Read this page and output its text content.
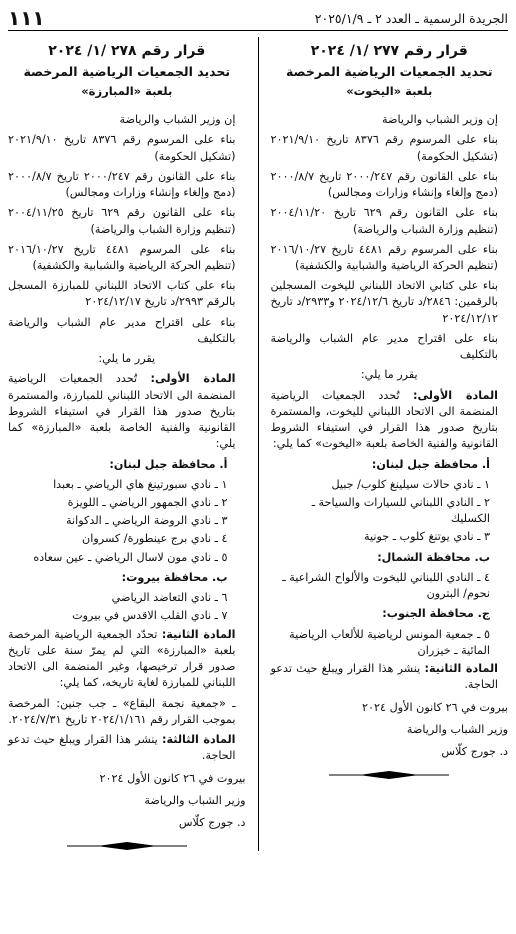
الجريدة الرسمية ـ العدد ٢ ـ ٢٠٢٥/١/٩
١١١
قرار رقم ٢٧٧ /١/ ٢٠٢٤
تحديد الجمعيات الرياضية المرخصة
بلعبة «اليخوت»

إن وزير الشباب والرياضة

بناء على المرسوم رقم ٨٣٧٦ تاريخ ٢٠٢١/٩/١٠ (تشكيل الحكومة)

بناء على القانون رقم ٢٠٠٠/٢٤٧ تاريخ ٢٠٠٠/٨/٧ (دمج وإلغاء وإنشاء وزارات ومجالس)

بناء على القانون رقم ٦٢٩ تاريخ ٢٠٠٤/١١/٢٠ (تنظيم وزارة الشباب والرياضة)

بناء على المرسوم رقم ٤٤٨١ تاريخ ٢٠١٦/١٠/٢٧ (تنظيم الحركة الرياضية والشبابية والكشفية)

بناء على كتابي الاتحاد اللبناني لليخوت المسجلين بالرقمين: ٢٨٤٦/د تاريخ ٢٠٢٤/١٢/٦ و٢٩٣٣/د تاريخ ٢٠٢٤/١٢/١٢

بناء على اقتراح مدير عام الشباب والرياضة بالتكليف

يقرر ما يلي:

المادة الأولى: تُحدد الجمعيات الرياضية المنضمة الى الاتحاد اللبناني لليخوت، والمستمرة بتاريخ صدور هذا القرار في استيفاء الشروط القانونية والفنية الخاصة بلعبة «اليخوت» كما يلي:

أ. محافظة جبل لبنان:
١ ـ نادي حالات سيلينغ كلوب/ جبيل
٢ ـ النادي اللبناني للسيارات والسياحة ـ الكسليك
٣ ـ نادي يوتنغ كلوب ـ جونية
ب. محافظة الشمال:
٤ ـ النادي اللبناني لليخوت والألواح الشراعية ـ نحوم/ البترون
ج. محافظة الجنوب:
٥ ـ جمعية المونس لرياضية للألعاب الرياضية المائية ـ خيزران

المادة الثانية: ينشر هذا القرار ويبلغ حيث تدعو الحاجة.

بيروت في ٢٦ كانون الأول ٢٠٢٤
وزير الشباب والرياضة
د. جورج كلّاس
قرار رقم ٢٧٨ /١/ ٢٠٢٤
تحديد الجمعيات الرياضية المرخصة
بلعبة «المبارزة»

إن وزير الشباب والرياضة

بناء على المرسوم رقم ٨٣٧٦ تاريخ ٢٠٢١/٩/١٠ (تشكيل الحكومة)

بناء على القانون رقم ٢٠٠٠/٢٤٧ تاريخ ٢٠٠٠/٨/٧ (دمج وإلغاء وإنشاء وزارات ومجالس)

بناء على القانون رقم ٦٢٩ تاريخ ٢٠٠٤/١١/٢٥ (تنظيم وزارة الشباب والرياضة)

بناء على المرسوم ٤٤٨١ تاريخ ٢٠١٦/١٠/٢٧ (تنظيم الحركة الرياضية والشبابية والكشفية)

بناء على كتاب الاتحاد اللبناني للمبارزة المسجل بالرقم ٢٩٩٣/د تاريخ ٢٠٢٤/١٢/١٧

بناء على اقتراح مدير عام الشباب والرياضة بالتكليف

يقرر ما يلي:

المادة الأولى: تُحدد الجمعيات الرياضية المنضمة الى الاتحاد اللبناني للمبارزة، والمستمرة بتاريخ صدور هذا القرار في استيفاء الشروط القانونية والفنية الخاصة بلعبة «المبارزة» كما يلي:

أ. محافظة جبل لبنان:
١ ـ نادي سبورتينغ هاي الرياضي ـ بعبدا
٢ ـ نادي الجمهور الرياضي ـ اللويزة
٣ ـ نادي الروضة الرياضي ـ الدكوانة
٤ ـ نادي برج عينطورة/ كسروان
٥ ـ نادي مون لاسال الرياضي ـ عين سعاده
ب. محافظة بيروت:
٦ ـ نادي التعاضد الرياضي
٧ ـ نادي القلب الاقدس في بيروت

المادة الثانية: تحدّد الجمعية الرياضية المرخصة بلعبة «المبارزة» التي لم يمرّ سنة على تاريخ صدور قرار ترخيصها، وغير المنضمة الى الاتحاد اللبناني للمبارزة لغاية تاريخه، كما يلي:

ـ «جمعية نجمة البقاع» ـ جب جنين: المرخصة بموجب القرار رقم ٢٠٢٤/١/١٦١ تاريخ ٢٠٢٤/٧/٣١.

المادة الثالثة: ينشر هذا القرار ويبلغ حيث تدعو الحاجة.

بيروت في ٢٦ كانون الأول ٢٠٢٤
وزير الشباب والرياضة
د. جورج كلّاس
